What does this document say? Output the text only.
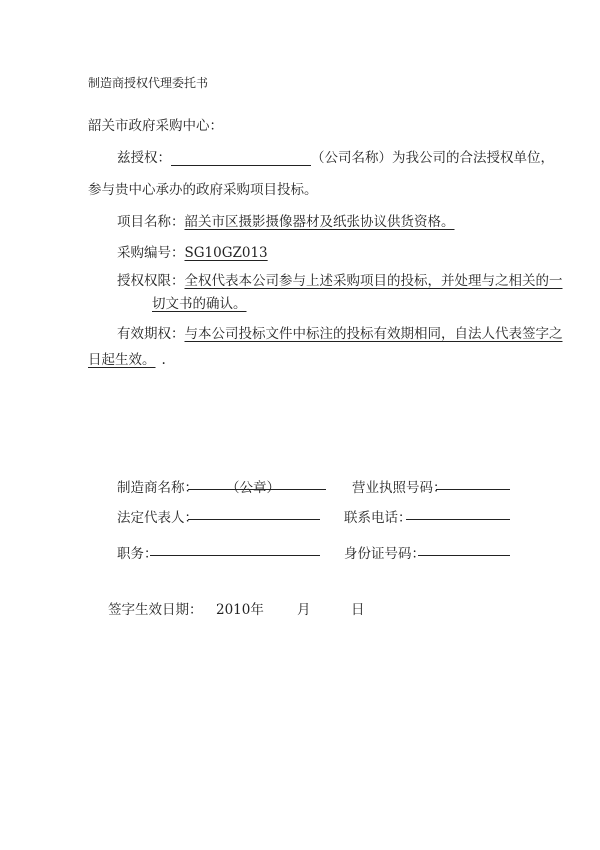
制造商授权代理委托书
韶关市政府采购中心：
兹授权：	（公司名称）为我公司的合法授权单位，
参与贵中心承办的政府采购项目投标。
项目名称：韶关市区摄影摄像器材及纸张协议供货资格。
采购编号：SG10GZ013
授权权限：全权代表本公司参与上述采购项目的投标，并处理与之相关的一
切文书的确认。
有效期权：与本公司投标文件中标注的投标有效期相同，自法人代表签字之
日起生效。 .
制造商名称： （公章）	营业执照号码：
法定代表人：	联系电话：
职务：	身份证号码：
签字生效日期： 2010年 月	日
